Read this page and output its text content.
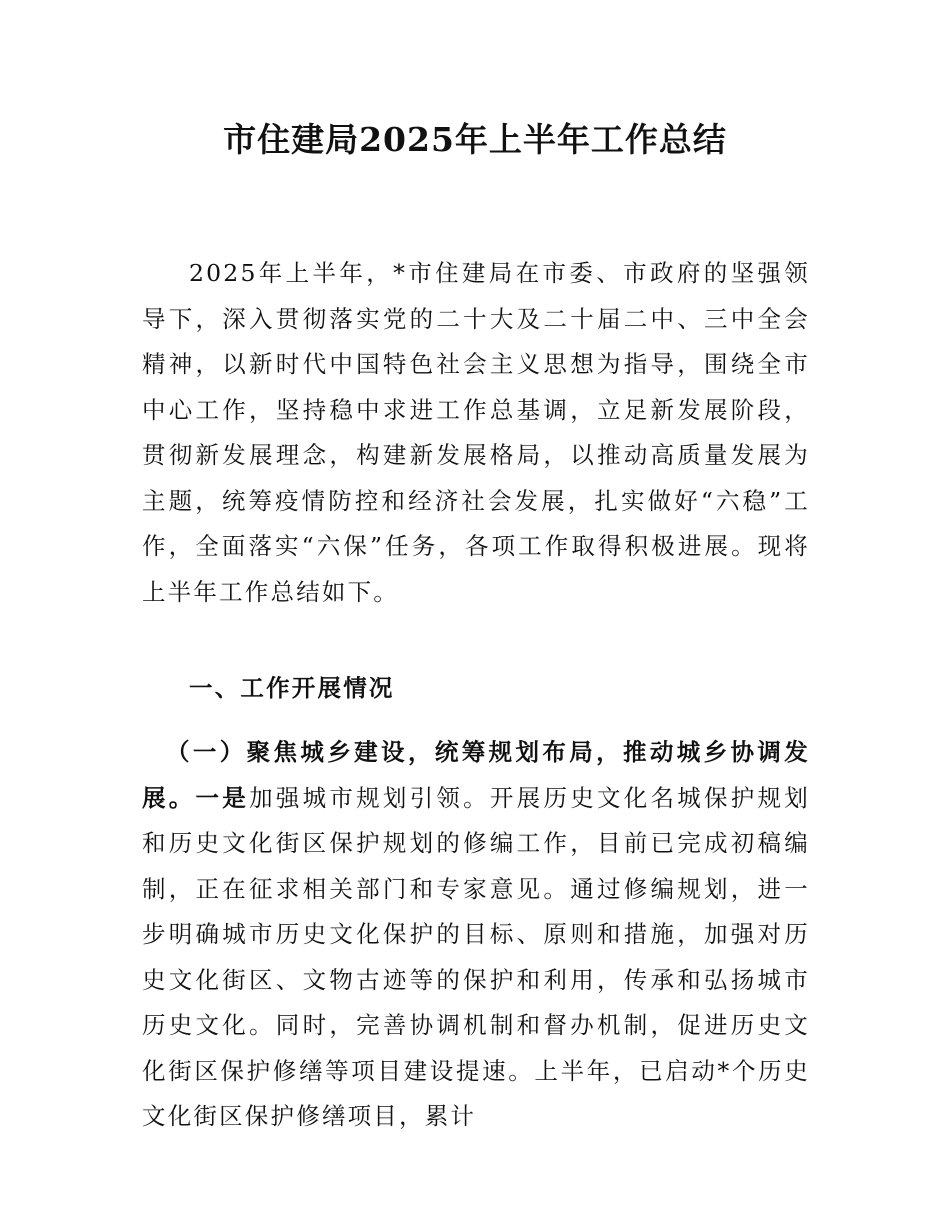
市住建局2025年上半年工作总结

2025年上半年，*市住建局在市委、市政府的坚强领导下，深入贯彻落实党的二十大及二十届二中、三中全会精神，以新时代中国特色社会主义思想为指导，围绕全市中心工作，坚持稳中求进工作总基调，立足新发展阶段，贯彻新发展理念，构建新发展格局，以推动高质量发展为主题，统筹疫情防控和经济社会发展，扎实做好“六稳”工作，全面落实“六保”任务，各项工作取得积极进展。现将上半年工作总结如下。

一、工作开展情况

（一）聚焦城乡建设，统筹规划布局，推动城乡协调发展。一是加强城市规划引领。开展历史文化名城保护规划和历史文化街区保护规划的修编工作，目前已完成初稿编制，正在征求相关部门和专家意见。通过修编规划，进一步明确城市历史文化保护的目标、原则和措施，加强对历史文化街区、文物古迹等的保护和利用，传承和弘扬城市历史文化。同时，完善协调机制和督办机制，促进历史文化街区保护修缮等项目建设提速。上半年，已启动*个历史文化街区保护修缮项目，累计
